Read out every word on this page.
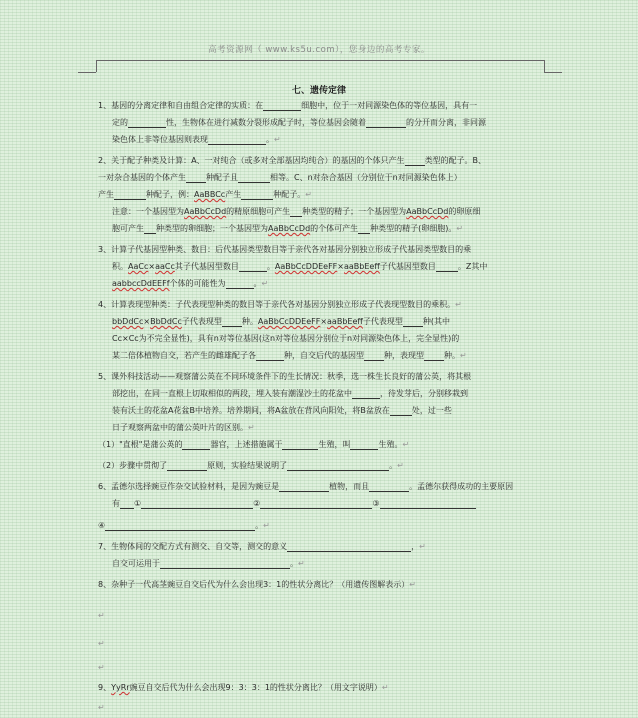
高考资源网（ www.ks5u.com），您身边的高考专家。
七、遗传定律
1、基因的分离定律和自由组合定律的实质：在	细胞中，位于一对同源染色体的等位基因，具有一
定的	性，生物体在进行减数分裂形成配子时，等位基因会随着	的分开而分离，非同源
染色体上非等位基因则表现	。↵
2、关于配子种类及计算：A、一对纯合（或多对全部基因均纯合）的基因的个体只产生	类型的配子。B、
一对杂合基因的个体产生	种配子且	相等。C、n对杂合基因（分别位于n对同源染色体上）
产生	种配子，例：AaBBCc产生	种配子。↵
注意：一个基因型为AaBbCcDd的精原细胞可产生 种类型的精子；一个基因型为AaBbCcDd的卵原细
胞可产生 种类型的卵细胞；一个基因型为AaBbCcDd的个体可产生 种类型的精子(卵细胞)。↵
3、计算子代基因型种类、数目：后代基因类型数目等于亲代各对基因分别独立形成子代基因类型数目的乘
积。AaCc×aaCc其子代基因型数目	。AaBbCcDDEeFF×aaBbEeff子代基因型数目	。Z其中
aabbccDdEEFf个体的可能性为	。↵
4、计算表现型种类：子代表现型种类的数目等于亲代各对基因分别独立形成子代表现型数目的乘积。↵
bbDdCc×BbDdCc子代表现型	种。AaBbCcDDEeFF×aaBbEeff子代表现型	种(其中
Cc×Cc为不完全显性)，具有n对等位基因(这n对等位基因分别位于n对同源染色体上，完全显性)的
某二倍体植物自交，若产生的雌雄配子各	种，自交后代的基因型	种，表现型	种。↵
5、课外科技活动——观察蒲公英在不同环境条件下的生长情况：秋季，选一株生长良好的蒲公英，将其根
部挖出，在同一直根上切取相似的两段，埋入装有潮湿沙土的花盆中	，待发芽后，分别移栽到
装有沃土的花盆A花盆B中培养。培养期间，将A盆放在背风向阳处，将B盆放在	处，过一些
日子观察两盆中的蒲公英叶片的区别。↵
（1）"直根"是蒲公英的	器官，上述措施属于	生殖，叫	生殖。↵
（2）步骤中贯彻了	原则，实验结果说明了	。↵
6、孟德尔选择豌豆作杂交试验材料，是因为豌豆是	植物，而且	。孟德尔获得成功的主要原因
有 ①	②	③
④	。↵
7、生物体间的交配方式有测交、自交等，测交的意义	，↵
自交可运用于	。↵
8、杂种子一代高茎豌豆自交后代为什么会出现3：1的性状分离比？（用遗传图解表示）↵
↵
↵
↵
9、YyRr豌豆自交后代为什么会出现9：3：3：1的性状分离比？（用文字说明）↵
↵
